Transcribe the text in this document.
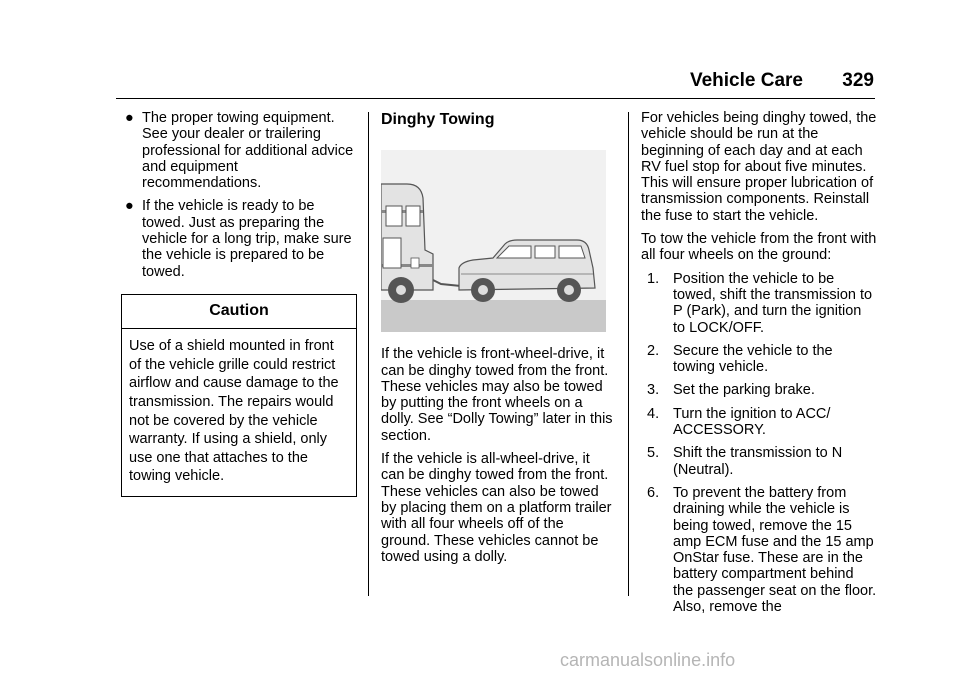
Vehicle Care 329
● The proper towing equipment. See your dealer or trailering professional for additional advice and equipment recommendations.
● If the vehicle is ready to be towed. Just as preparing the vehicle for a long trip, make sure the vehicle is prepared to be towed.
Caution
Use of a shield mounted in front of the vehicle grille could restrict airflow and cause damage to the transmission. The repairs would not be covered by the vehicle warranty. If using a shield, only use one that attaches to the towing vehicle.
Dinghy Towing
If the vehicle is front-wheel-drive, it can be dinghy towed from the front. These vehicles may also be towed by putting the front wheels on a dolly. See “Dolly Towing” later in this section.
If the vehicle is all-wheel-drive, it can be dinghy towed from the front. These vehicles can also be towed by placing them on a platform trailer with all four wheels off of the ground. These vehicles cannot be towed using a dolly.
For vehicles being dinghy towed, the vehicle should be run at the beginning of each day and at each RV fuel stop for about five minutes. This will ensure proper lubrication of transmission components. Reinstall the fuse to start the vehicle.
To tow the vehicle from the front with all four wheels on the ground:
1. Position the vehicle to be towed, shift the transmission to P (Park), and turn the ignition to LOCK/OFF.
2. Secure the vehicle to the towing vehicle.
3. Set the parking brake.
4. Turn the ignition to ACC/ ACCESSORY.
5. Shift the transmission to N (Neutral).
6. To prevent the battery from draining while the vehicle is being towed, remove the 15 amp ECM fuse and the 15 amp OnStar fuse. These are in the battery compartment behind the passenger seat on the floor. Also, remove the
carmanualsonline.info
